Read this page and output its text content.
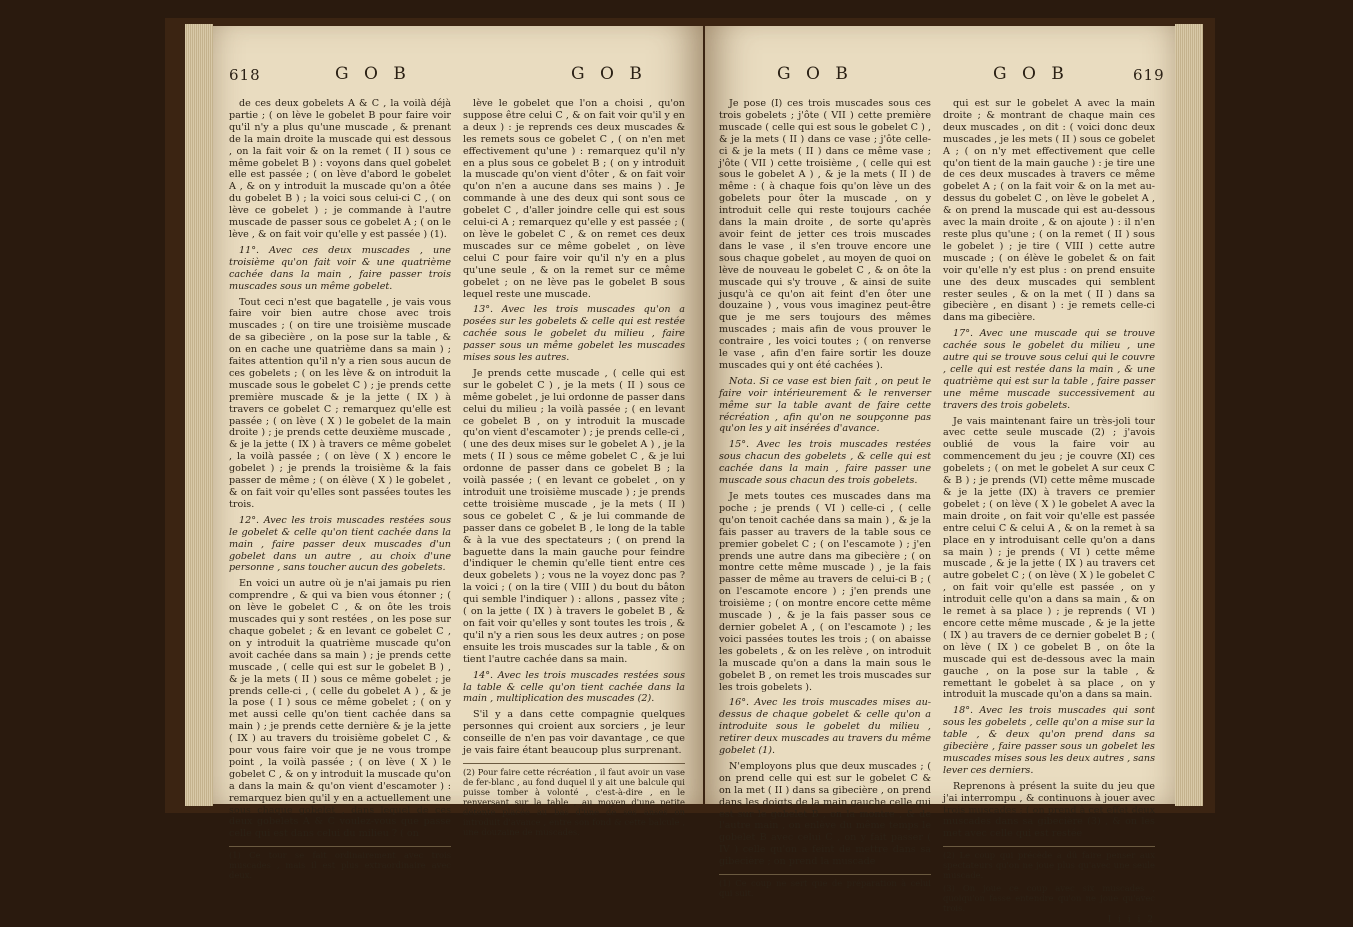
618	G O B	G O B

de ces deux gobelets A & C , la voilà déjà partie ; ( on lève le gobelet B pour faire voir qu'il n'y a plus qu'une muscade , & prenant de la main droite la muscade qui est dessous , on la fait voir & on la remet ( II ) sous ce même gobelet B ) : voyons dans quel gobelet elle est passée ; ( on lève d'abord le gobelet A , & on y introduit la muscade qu'on a ôtée du gobelet B ) ; la voici sous celui-ci C , ( on lève ce gobelet ) ; je commande à l'autre muscade de passer sous ce gobelet A ; ( on le lève , & on fait voir qu'elle y est passée ) (1).

11°. Avec ces deux muscades , une troisième qu'on fait voir & une quatrième cachée dans la main , faire passer trois muscades sous un même gobelet.

Tout ceci n'est que bagatelle , je vais vous faire voir bien autre chose avec trois muscades ; ( on tire une troisième muscade de sa gibecière , on la pose sur la table , & on en cache une quatrième dans sa main ) ; faites attention qu'il n'y a rien sous aucun de ces gobelets ; ( on les lève & on introduit la muscade sous le gobelet C ) ; je prends cette première muscade & je la jette ( IX ) à travers ce gobelet C ; remarquez qu'elle est passée ; ( on lève ( X ) le gobelet de la main droite ) ; je prends cette deuxième muscade , & je la jette ( IX ) à travers ce même gobelet , la voilà passée ; ( on lève ( X ) encore le gobelet ) ; je prends la troisième & la fais passer de même ; ( on élève ( X ) le gobelet , & on fait voir qu'elles sont passées toutes les trois.

12°. Avec les trois muscades restées sous le gobelet & celle qu'on tient cachée dans la main , faire passer deux muscades d'un gobelet dans un autre , au choix d'une personne , sans toucher aucun des gobelets.

En voici un autre où je n'ai jamais pu rien comprendre , & qui va bien vous étonner ; ( on lève le gobelet C , & on ôte les trois muscades qui y sont restées , on les pose sur chaque gobelet ; & en levant ce gobelet C , on y introduit la quatrième muscade qu'on avoit cachée dans sa main ) ; je prends cette muscade , ( celle qui est sur le gobelet B ) , & je la mets ( II ) sous ce même gobelet ; je prends celle-ci , ( celle du gobelet A ) , & je la pose ( I ) sous ce même gobelet ; ( on y met aussi celle qu'on tient cachée dans sa main ) ; je prends cette dernière & je la jette ( IX ) au travers du troisième gobelet C , & pour vous faire voir que je ne vous trompe point , la voilà passée ; ( on lève ( X ) le gobelet C , & on y introduit la muscade qu'on a dans la main & qu'on vient d'escamoter ) : remarquez bien qu'il y en a actuellement une sous chaque gobelet , dans lequel de ces deux gobelets A & C voulez-vous que passe celle qui est dans celui du milieu ? ( on

(1) Ce tour se fait ordinairement avec trois muscades , mais il est plus extraordinaire avec deux.

lève le gobelet que l'on a choisi , qu'on suppose être celui C , & on fait voir qu'il y en a deux ) : je reprends ces deux muscades & les remets sous ce gobelet C , ( on n'en met effectivement qu'une ) : remarquez qu'il n'y en a plus sous ce gobelet B ; ( on y introduit la muscade qu'on vient d'ôter , & on fait voir qu'on n'en a aucune dans ses mains ) . Je commande à une des deux qui sont sous ce gobelet C , d'aller joindre celle qui est sous celui-ci A ; remarquez qu'elle y est passée ; ( on lève le gobelet C , & on remet ces deux muscades sur ce même gobelet , on lève celui C pour faire voir qu'il n'y en a plus qu'une seule , & on la remet sur ce même gobelet ; on ne lève pas le gobelet B sous lequel reste une muscade.

13°. Avec les trois muscades qu'on a posées sur les gobelets & celle qui est restée cachée sous le gobelet du milieu , faire passer sous un même gobelet les muscades mises sous les autres.

Je prends cette muscade , ( celle qui est sur le gobelet C ) , je la mets ( II ) sous ce même gobelet , je lui ordonne de passer dans celui du milieu ; la voilà passée ; ( en levant ce gobelet B , on y introduit la muscade qu'on vient d'escamoter ) ; je prends celle-ci , ( une des deux mises sur le gobelet A ) , je la mets ( II ) sous ce même gobelet C , & je lui ordonne de passer dans ce gobelet B ; la voilà passée ; ( en levant ce gobelet , on y introduit une troisième muscade ) ; je prends cette troisième muscade , je la mets ( II ) sous ce gobelet C , & je lui commande de passer dans ce gobelet B , le long de la table & à la vue des spectateurs ; ( on prend la baguette dans la main gauche pour feindre d'indiquer le chemin qu'elle tient entre ces deux gobelets ) ; vous ne la voyez donc pas ? la voici ; ( on la tire ( VIII ) du bout du bâton qui semble l'indiquer ) : allons , passez vîte ; ( on la jette ( IX ) à travers le gobelet B , & on fait voir qu'elles y sont toutes les trois , & qu'il n'y a rien sous les deux autres ; on pose ensuite les trois muscades sur la table , & on tient l'autre cachée dans sa main.

14°. Avec les trois muscades restées sous la table & celle qu'on tient cachée dans la main , multiplication des muscades (2).

S'il y a dans cette compagnie quelques personnes qui croient aux sorciers , je leur conseille de n'en pas voir davantage , ce que je vais faire étant beaucoup plus surprenant.

(2) Pour faire cette récréation , il faut avoir un vase de fer-blanc , au fond duquel il y ait une balcule qui puisse tomber à volonté , c'est-à-dire , en le renversant sur la table , au moyen d'une petite détente placée au bas d'une de ses anses on introduit d'avance , entre son fond & cette balcule , une douzaine de muscades.
G O B	G O B	619

Je pose (I) ces trois muscades sous ces trois gobelets ; j'ôte ( VII ) cette première muscade ( celle qui est sous le gobelet C ) , & je la mets ( II ) dans ce vase ; j'ôte celle-ci & je la mets ( II ) dans ce même vase ; j'ôte ( VII ) cette troisième , ( celle qui est sous le gobelet A ) , & je la mets ( II ) de même : ( à chaque fois qu'on lève un des gobelets pour ôter la muscade , on y introduit celle qui reste toujours cachée dans la main droite , de sorte qu'après avoir feint de jetter ces trois muscades dans le vase , il s'en trouve encore une sous chaque gobelet , au moyen de quoi on lève de nouveau le gobelet C , & on ôte la muscade qui s'y trouve , & ainsi de suite jusqu'à ce qu'on ait feint d'en ôter une douzaine ) , vous vous imaginez peut-être que je me sers toujours des mêmes muscades ; mais afin de vous prouver le contraire , les voici toutes ; ( on renverse le vase , afin d'en faire sortir les douze muscades qui y ont été cachées ).

Nota. Si ce vase est bien fait , on peut le faire voir intérieurement & le renverser même sur la table avant de faire cette récréation , afin qu'on ne soupçonne pas qu'on les y ait insérées d'avance.

15°. Avec les trois muscades restées sous chacun des gobelets , & celle qui est cachée dans la main , faire passer une muscade sous chacun des trois gobelets.

Je mets toutes ces muscades dans ma poche ; je prends ( VI ) celle-ci , ( celle qu'on tenoit cachée dans sa main ) , & je la fais passer au travers de la table sous ce premier gobelet C ; ( on l'escamote ) ; j'en prends une autre dans ma gibecière ; ( on montre cette même muscade ) , je la fais passer de même au travers de celui-ci B ; ( on l'escamote encore ) ; j'en prends une troisième ; ( on montre encore cette même muscade ) , & je la fais passer sous ce dernier gobelet A , ( on l'escamote ) ; les voici passées toutes les trois ; ( on abaisse les gobelets , & on les relève , on introduit la muscade qu'on a dans la main sous le gobelet B , on remet les trois muscades sur les trois gobelets ).

16°. Avec les trois muscades mises au-dessus de chaque gobelet & celle qu'on a introduite sous le gobelet du milieu , retirer deux muscades au travers du même gobelet (1).

N'employons plus que deux muscades ; ( on prend celle qui est sur le gobelet C & on la met ( II ) dans sa gibecière , on prend dans les doigts de la main gauche celle qui est sur le gobelet B , on la montre , & de l'autre main , on enlève du même temps le gobelet B avec celui C , on y fait passer ( IV ) celle qu'on a feint de mettre dans sa gibecière ; on prend la muscade

(1) Ce coup ne sert que de préparation à celui qui suit.

qui est sur le gobelet A avec la main droite ; & montrant de chaque main ces deux muscades , on dit : ( voici donc deux muscades , je les mets ( II ) sous ce gobelet A ; ( on n'y met effectivement que celle qu'on tient de la main gauche ) : je tire une de ces deux muscades à travers ce même gobelet A ; ( on la fait voir & on la met au-dessus du gobelet C , on lève le gobelet A , & on prend la muscade qui est au-dessous avec la main droite , & on ajoute ) : il n'en reste plus qu'une ; ( on la remet ( II ) sous le gobelet ) ; je tire ( VIII ) cette autre muscade ; ( on élève le gobelet & on fait voir qu'elle n'y est plus : on prend ensuite une des deux muscades qui semblent rester seules , & on la met ( II ) dans sa gibecière , en disant ) : je remets celle-ci dans ma gibecière.

17°. Avec une muscade qui se trouve cachée sous le gobelet du milieu , une autre qui se trouve sous celui qui le couvre , celle qui est restée dans la main , & une quatrième qui est sur la table , faire passer une même muscade successivement au travers des trois gobelets.

Je vais maintenant faire un très-joli tour avec cette seule muscade (2) ; j'avois oublié de vous la faire voir au commencement du jeu ; je couvre (XI) ces gobelets ; ( on met le gobelet A sur ceux C & B ) ; je prends (VI) cette même muscade & je la jette (IX) à travers ce premier gobelet ; ( on lève ( X ) le gobelet A avec la main droite , on fait voir qu'elle est passée entre celui C & celui A , & on la remet à sa place en y introduisant celle qu'on a dans sa main ) ; je prends ( VI ) cette même muscade , & je la jette ( IX ) au travers cet autre gobelet C ; ( on lève ( X ) le gobelet C , on fait voir qu'elle est passée , on y introduit celle qu'on a dans sa main , & on le remet à sa place ) ; je reprends ( VI ) encore cette même muscade , & je la jette ( IX ) au travers de ce dernier gobelet B ; ( on lève ( IX ) ce gobelet B , on ôte la muscade qui est de-dessous avec la main gauche , on la pose sur la table , & remettant le gobelet à sa place , on y introduit la muscade qu'on a dans sa main.

18°. Avec les trois muscades qui sont sous les gobelets , celle qu'on a mise sur la table , & deux qu'on prend dans sa gibecière , faire passer sous un gobelet les muscades mises sous les deux autres , sans lever ces derniers.

Reprenons à présent la suite du jeu que j'ai interrompu , & continuons à jouer avec trois muscades ; ( on prend à cet effet deux muscades dans sa gibecière (3) , & on les met avec celle qui est restée

(2) Le coup qui précède a dû faire penser aux spectateurs qu'on ne joue plus qu'avec une seule muscade.
(3) On joue ce coup avec six muscades , quoiqu'on fasse entendre qu'on ne joue qu'avec trois.
I i i i 2
